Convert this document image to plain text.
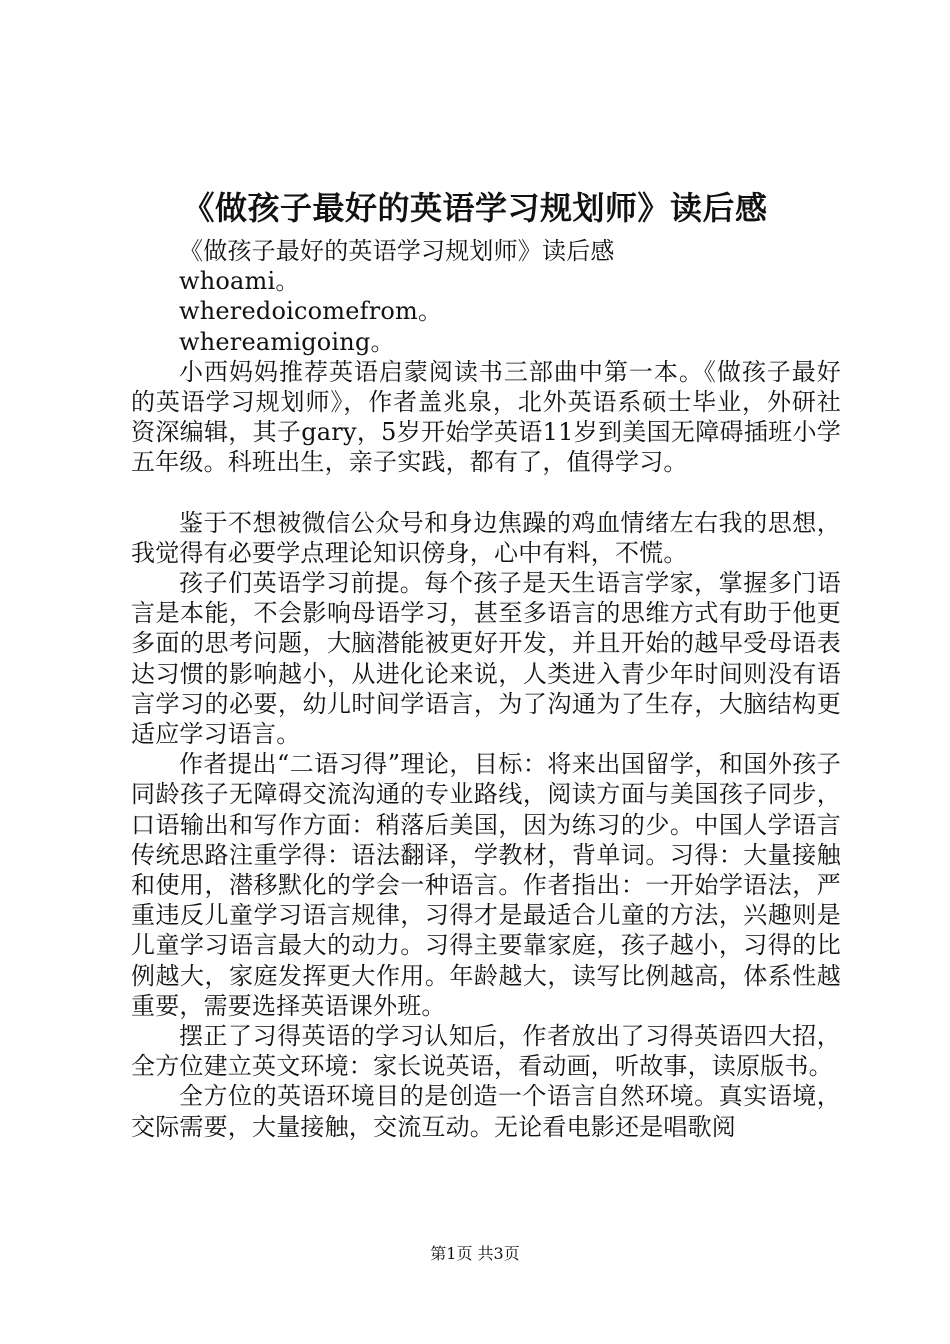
《做孩子最好的英语学习规划师》读后感

《做孩子最好的英语学习规划师》读后感

whoami。

wheredoicomefrom。

whereamigoing。

小西妈妈推荐英语启蒙阅读书三部曲中第一本。《做孩子最好的英语学习规划师》，作者盖兆泉，北外英语系硕士毕业，外研社资深编辑，其子gary，5岁开始学英语11岁到美国无障碍插班小学五年级。科班出生，亲子实践，都有了，值得学习。

鉴于不想被微信公众号和身边焦躁的鸡血情绪左右我的思想，我觉得有必要学点理论知识傍身，心中有料，不慌。

孩子们英语学习前提。每个孩子是天生语言学家，掌握多门语言是本能，不会影响母语学习，甚至多语言的思维方式有助于他更多面的思考问题，大脑潜能被更好开发，并且开始的越早受母语表达习惯的影响越小，从进化论来说，人类进入青少年时间则没有语言学习的必要，幼儿时间学语言，为了沟通为了生存，大脑结构更适应学习语言。

作者提出“二语习得”理论，目标：将来出国留学，和国外孩子同龄孩子无障碍交流沟通的专业路线，阅读方面与美国孩子同步，口语输出和写作方面：稍落后美国，因为练习的少。中国人学语言传统思路注重学得：语法翻译，学教材，背单词。习得：大量接触和使用，潜移默化的学会一种语言。作者指出：一开始学语法，严重违反儿童学习语言规律，习得才是最适合儿童的方法，兴趣则是儿童学习语言最大的动力。习得主要靠家庭，孩子越小，习得的比例越大，家庭发挥更大作用。年龄越大，读写比例越高，体系性越重要，需要选择英语课外班。

摆正了习得英语的学习认知后，作者放出了习得英语四大招，全方位建立英文环境：家长说英语，看动画，听故事，读原版书。

全方位的英语环境目的是创造一个语言自然环境。真实语境，交际需要，大量接触，交流互动。无论看电影还是唱歌阅

第1页 共3页
